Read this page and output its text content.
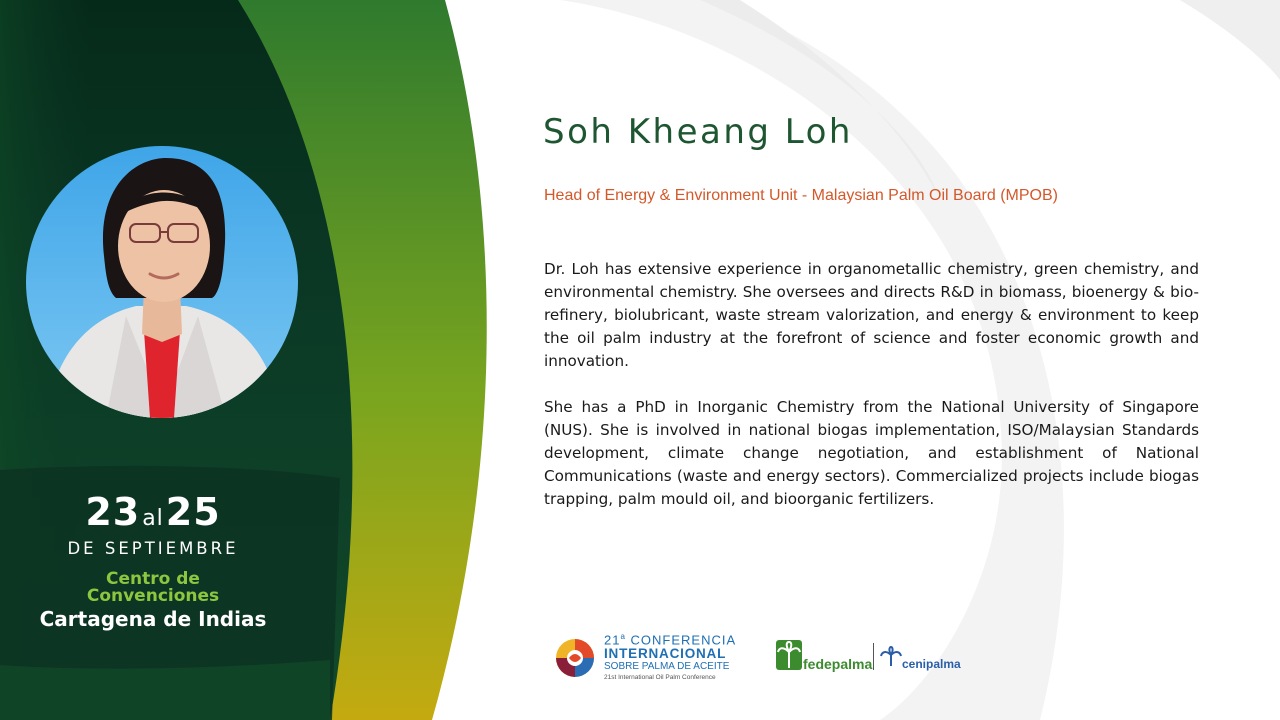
23al25
DE SEPTIEMBRE
Centro de
Convenciones
Cartagena de Indias
Soh Kheang Loh
Head of Energy & Environment Unit - Malaysian Palm Oil Board (MPOB)

Dr. Loh has extensive experience in organometallic chemistry, green chemistry, and environmental chemistry. She oversees and directs R&D in biomass, bioenergy & bio-refinery, biolubricant, waste stream valorization, and energy & environment to keep the oil palm industry at the forefront of science and foster economic growth and innovation.

She has a PhD in Inorganic Chemistry from the National University of Singapore (NUS). She is involved in national biogas implementation, ISO/Malaysian Standards development, climate change negotiation, and establishment of National Communications (waste and energy sectors). Commercialized projects include biogas trapping, palm mould oil, and bioorganic fertilizers.

21$^a$ CONFERENCIA
INTERNACIONAL
SOBRE PALMA DE ACEITE
21st International Oil Palm Conference
fedepalma cenipalma
